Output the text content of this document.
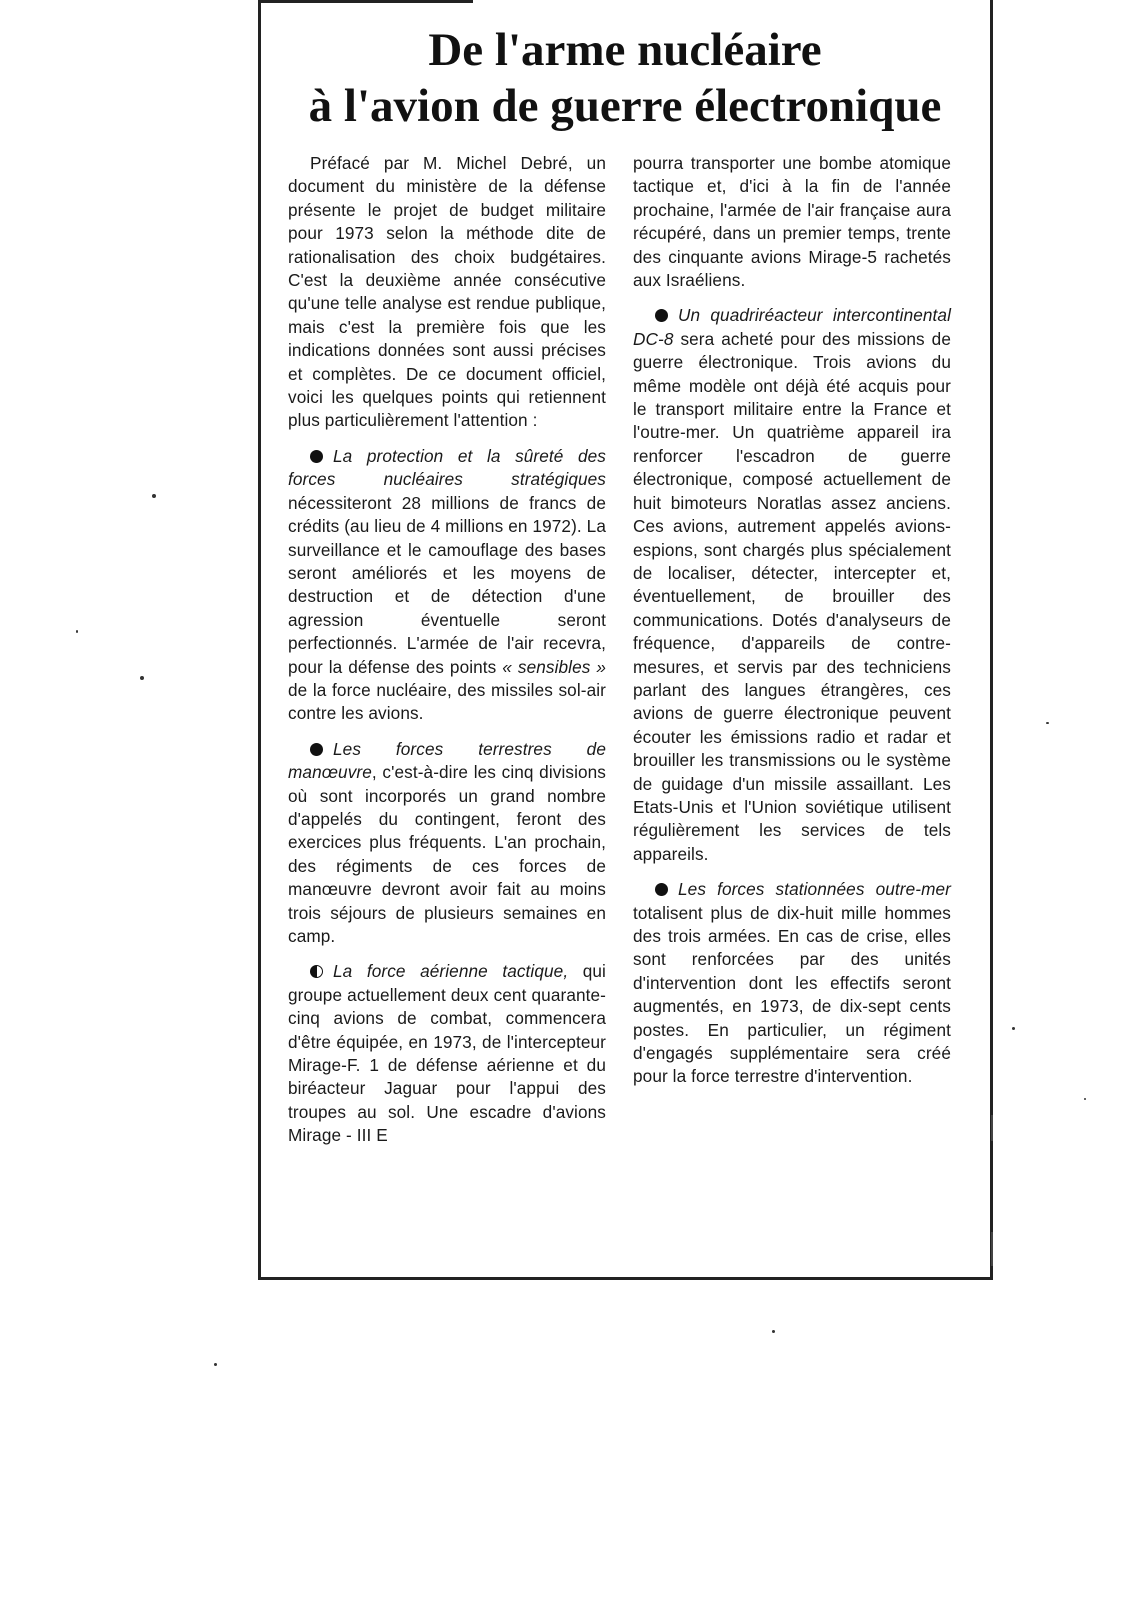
De l'arme nucléaire
à l'avion de guerre électronique

Préfacé par M. Michel Debré, un document du ministère de la défense présente le projet de budget militaire pour 1973 selon la méthode dite de rationalisation des choix budgétaires. C'est la deuxième année consécutive qu'une telle analyse est rendue publique, mais c'est la première fois que les indications données sont aussi précises et complètes. De ce document officiel, voici les quelques points qui retiennent plus particulièrement l'attention :

La protection et la sûreté des forces nucléaires stratégiques nécessiteront 28 millions de francs de crédits (au lieu de 4 millions en 1972). La surveillance et le camouflage des bases seront améliorés et les moyens de destruction et de détection d'une agression éventuelle seront perfectionnés. L'armée de l'air recevra, pour la défense des points « sensibles » de la force nucléaire, des missiles sol-air contre les avions.

Les forces terrestres de manœuvre, c'est-à-dire les cinq divisions où sont incorporés un grand nombre d'appelés du contingent, feront des exercices plus fréquents. L'an prochain, des régiments de ces forces de manœuvre devront avoir fait au moins trois séjours de plusieurs semaines en camp.

La force aérienne tactique, qui groupe actuellement deux cent quarante-cinq avions de combat, commencera d'être équipée, en 1973, de l'intercepteur Mirage-F. 1 de défense aérienne et du biréacteur Jaguar pour l'appui des troupes au sol. Une escadre d'avions Mirage - III E

pourra transporter une bombe atomique tactique et, d'ici à la fin de l'année prochaine, l'armée de l'air française aura récupéré, dans un premier temps, trente des cinquante avions Mirage-5 rachetés aux Israéliens.

Un quadriréacteur intercontinental DC-8 sera acheté pour des missions de guerre électronique. Trois avions du même modèle ont déjà été acquis pour le transport militaire entre la France et l'outre-mer. Un quatrième appareil ira renforcer l'escadron de guerre électronique, composé actuellement de huit bimoteurs Noratlas assez anciens. Ces avions, autrement appelés avions-espions, sont chargés plus spécialement de localiser, détecter, intercepter et, éventuellement, de brouiller des communications. Dotés d'analyseurs de fréquence, d'appareils de contre-mesures, et servis par des techniciens parlant des langues étrangères, ces avions de guerre électronique peuvent écouter les émissions radio et radar et brouiller les transmissions ou le système de guidage d'un missile assaillant. Les Etats-Unis et l'Union soviétique utilisent régulièrement les services de tels appareils.

Les forces stationnées outre-mer totalisent plus de dix-huit mille hommes des trois armées. En cas de crise, elles sont renforcées par des unités d'intervention dont les effectifs seront augmentés, en 1973, de dix-sept cents postes. En particulier, un régiment d'engagés supplémentaire sera créé pour la force terrestre d'intervention.
